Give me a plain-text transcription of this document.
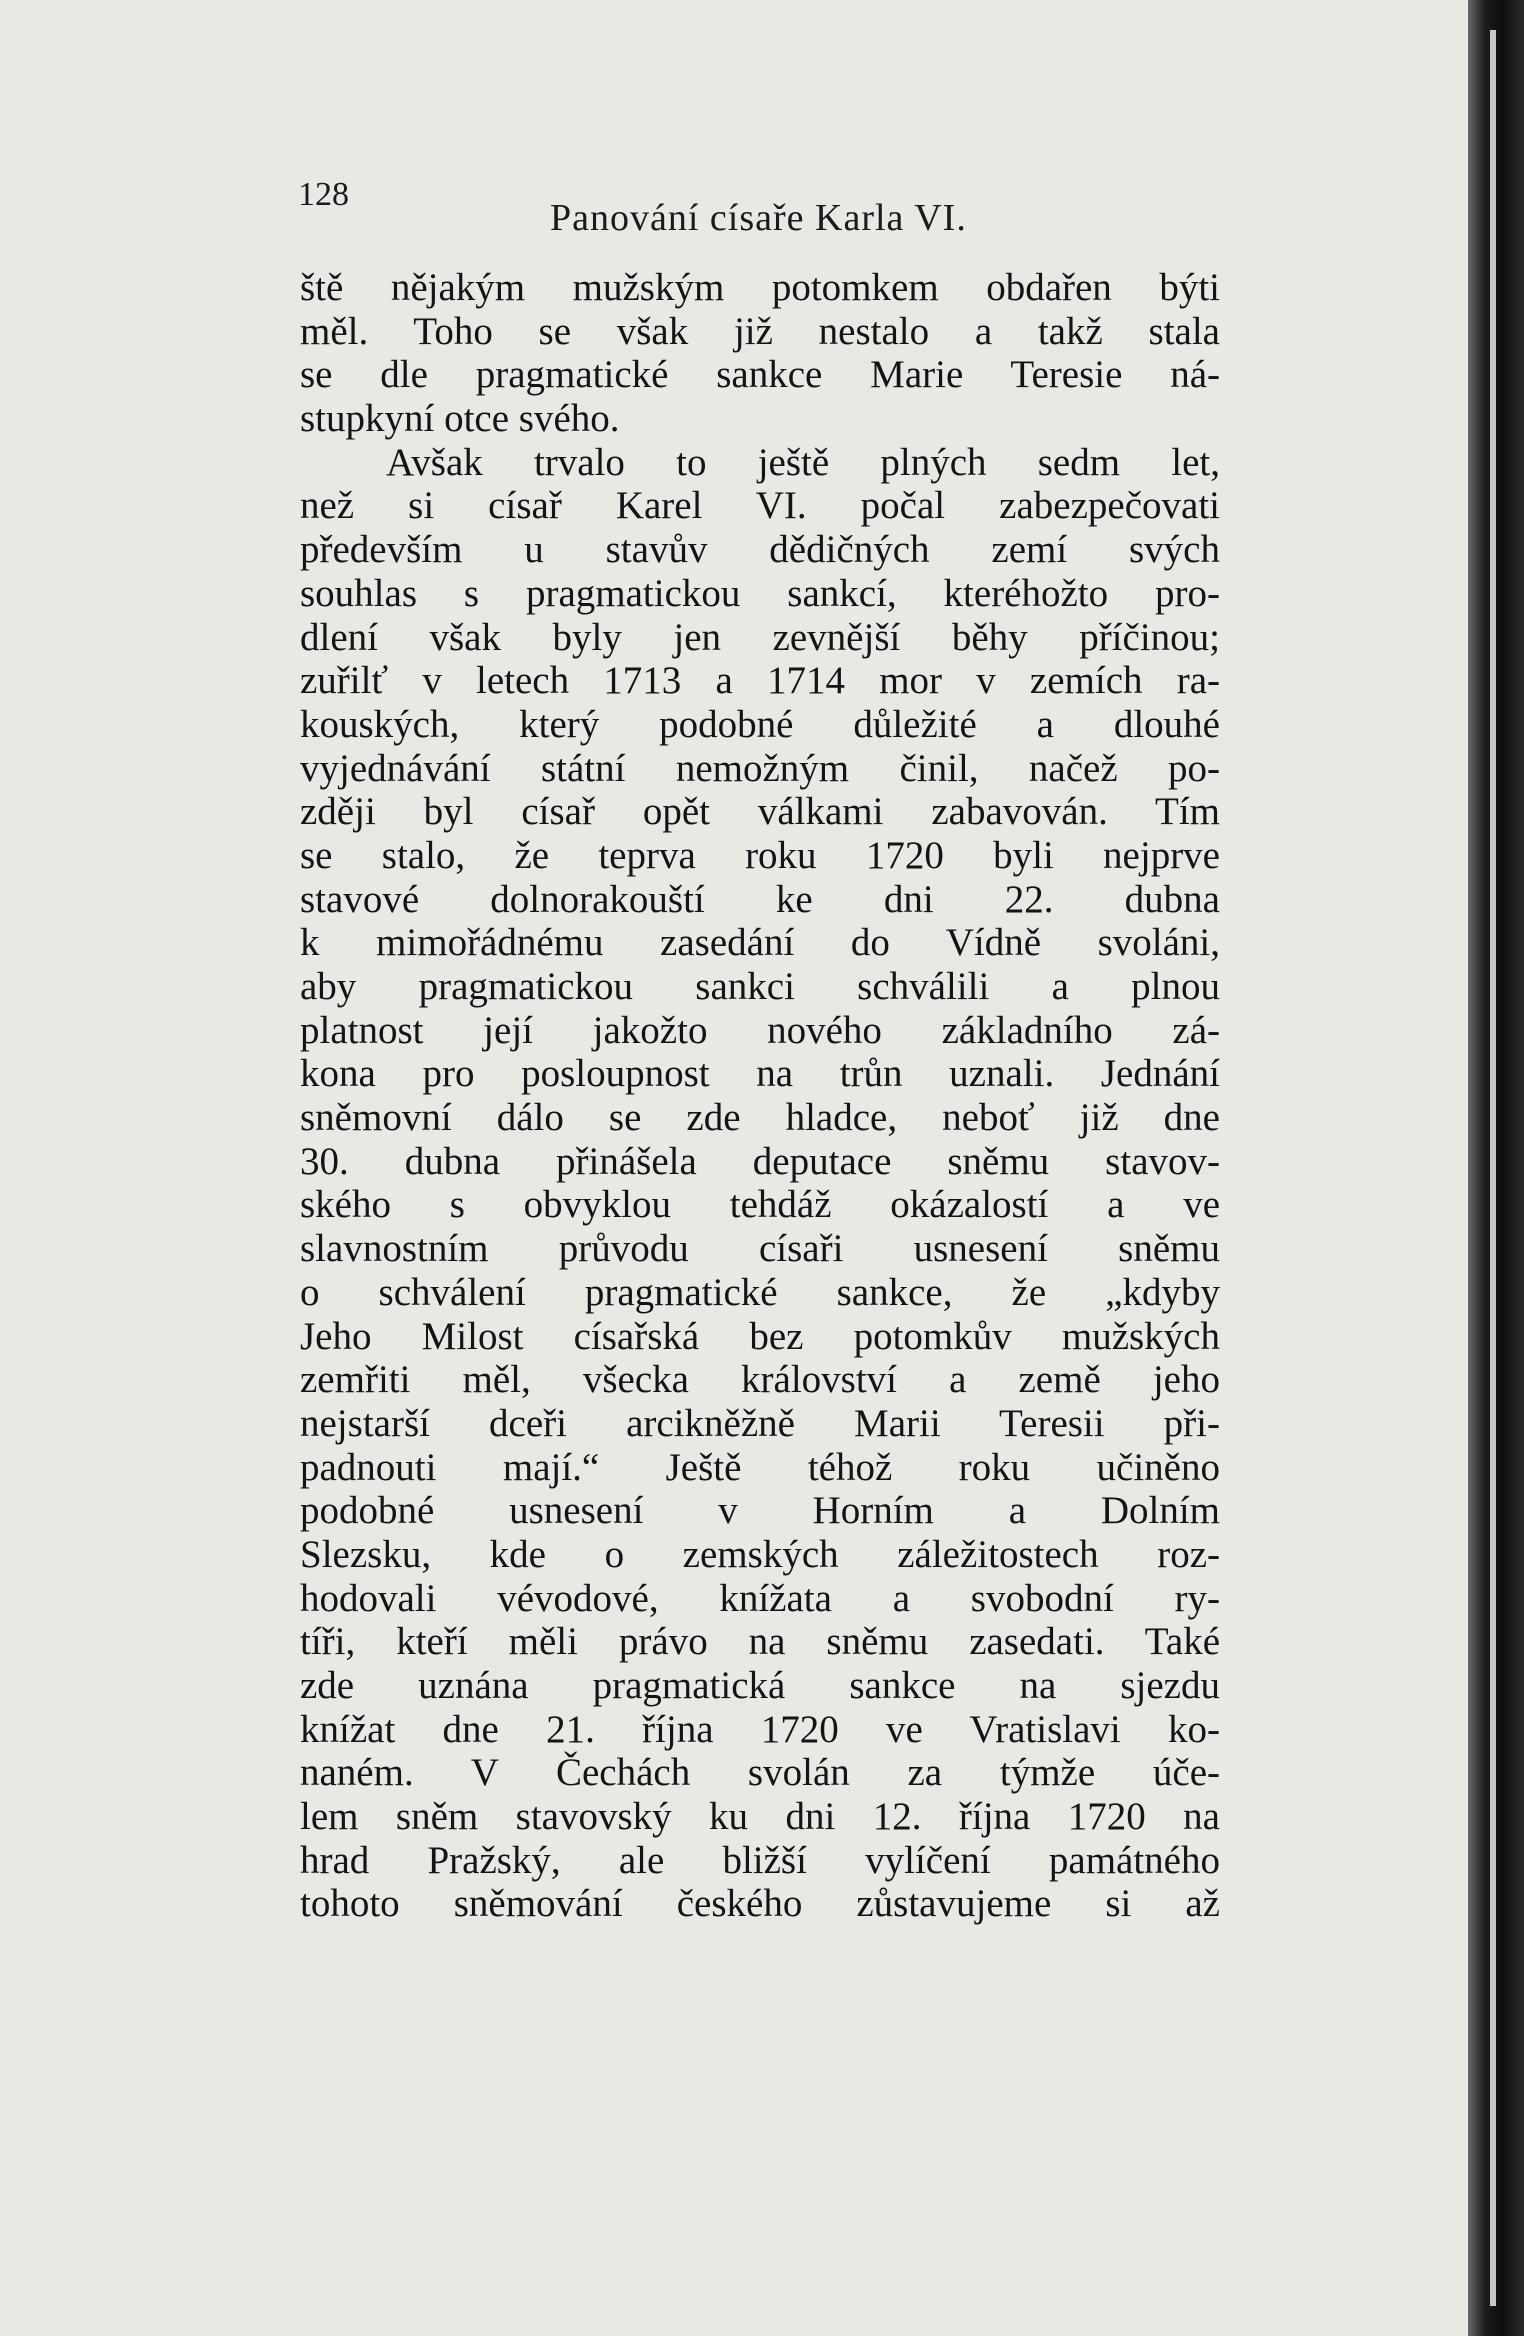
128
Panování císaře Karla VI.
ště nějakým mužským potomkem obdařen býti
měl. Toho se však již nestalo a takž stala
se dle pragmatické sankce Marie Teresie ná-
stupkyní otce svého.
Avšak trvalo to ještě plných sedm let,
než si císař Karel VI. počal zabezpečovati
především u stavův dědičných zemí svých
souhlas s pragmatickou sankcí, kteréhožto pro-
dlení však byly jen zevnější běhy příčinou;
zuřilť v letech 1713 a 1714 mor v zemích ra-
kouských, který podobné důležité a dlouhé
vyjednávání státní nemožným činil, načež po-
zději byl císař opět válkami zabavován. Tím
se stalo, že teprva roku 1720 byli nejprve
stavové dolnorakouští ke dni 22. dubna
k mimořádnému zasedání do Vídně svoláni,
aby pragmatickou sankci schválili a plnou
platnost její jakožto nového základního zá-
kona pro posloupnost na trůn uznali. Jednání
sněmovní dálo se zde hladce, neboť již dne
30. dubna přinášela deputace sněmu stavov-
ského s obvyklou tehdáž okázalostí a ve
slavnostním průvodu císaři usnesení sněmu
o schválení pragmatické sankce, že „kdyby
Jeho Milost císařská bez potomkův mužských
zemřiti měl, všecka království a země jeho
nejstarší dceři arcikněžně Marii Teresii při-
padnouti mají.“ Ještě téhož roku učiněno
podobné usnesení v Horním a Dolním
Slezsku, kde o zemských záležitostech roz-
hodovali vévodové, knížata a svobodní ry-
tíři, kteří měli právo na sněmu zasedati. Také
zde uznána pragmatická sankce na sjezdu
knížat dne 21. října 1720 ve Vratislavi ko-
naném. V Čechách svolán za týmže úče-
lem sněm stavovský ku dni 12. října 1720 na
hrad Pražský, ale bližší vylíčení památného
tohoto sněmování českého zůstavujeme si až
